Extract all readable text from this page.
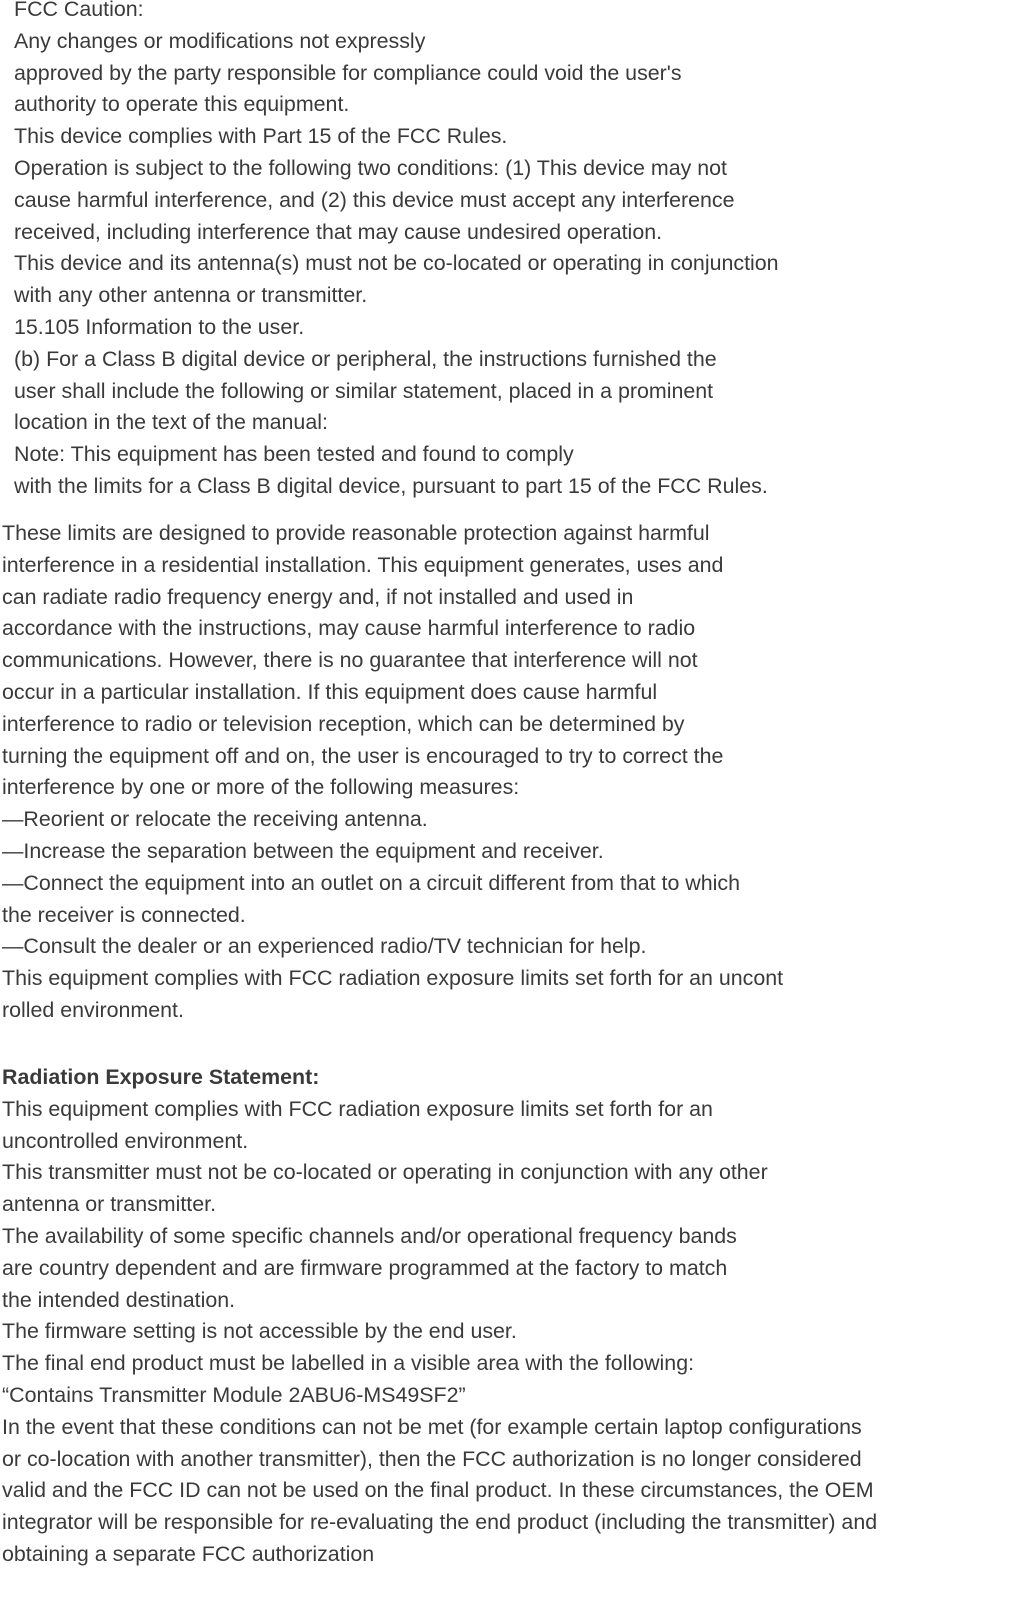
FCC Caution:
Any changes or modifications not expressly
approved by the party responsible for compliance could void the user's
authority to operate this equipment.
This device complies with Part 15 of the FCC Rules.
Operation is subject to the following two conditions: (1) This device may not
cause harmful interference, and (2) this device must accept any interference
received, including interference that may cause undesired operation.
This device and its antenna(s) must not be co-located or operating in conjunction
with any other antenna or transmitter.
15.105 Information to the user.
(b) For a Class B digital device or peripheral, the instructions furnished the
user shall include the following or similar statement, placed in a prominent
location in the text of the manual:
Note: This equipment has been tested and found to comply
with the limits for a Class B digital device, pursuant to part 15 of the FCC Rules.
These limits are designed to provide reasonable protection against harmful
interference in a residential installation. This equipment generates, uses and
can radiate radio frequency energy and, if not installed and used in
accordance with the instructions, may cause harmful interference to radio
communications. However, there is no guarantee that interference will not
occur in a particular installation. If this equipment does cause harmful
interference to radio or television reception, which can be determined by
turning the equipment off and on, the user is encouraged to try to correct the
interference by one or more of the following measures:
—Reorient or relocate the receiving antenna.
—Increase the separation between the equipment and receiver.
—Connect the equipment into an outlet on a circuit different from that to which
the receiver is connected.
—Consult the dealer or an experienced radio/TV technician for help.
This equipment complies with FCC radiation exposure limits set forth for an uncont
rolled environment.
Radiation Exposure Statement:
This equipment complies with FCC radiation exposure limits set forth for an
uncontrolled environment.
This transmitter must not be co-located or operating in conjunction with any other
antenna or transmitter.
The availability of some specific channels and/or operational frequency bands
are country dependent and are firmware programmed at the factory to match
the intended destination.
The firmware setting is not accessible by the end user.
The final end product must be labelled in a visible area with the following:
“Contains Transmitter Module 2ABU6-MS49SF2”
In the event that these conditions can not be met (for example certain laptop configurations
or co-location with another transmitter), then the FCC authorization is no longer considered
valid and the FCC ID can not be used on the final product. In these circumstances, the OEM
integrator will be responsible for re-evaluating the end product (including the transmitter) and
obtaining a separate FCC authorization
